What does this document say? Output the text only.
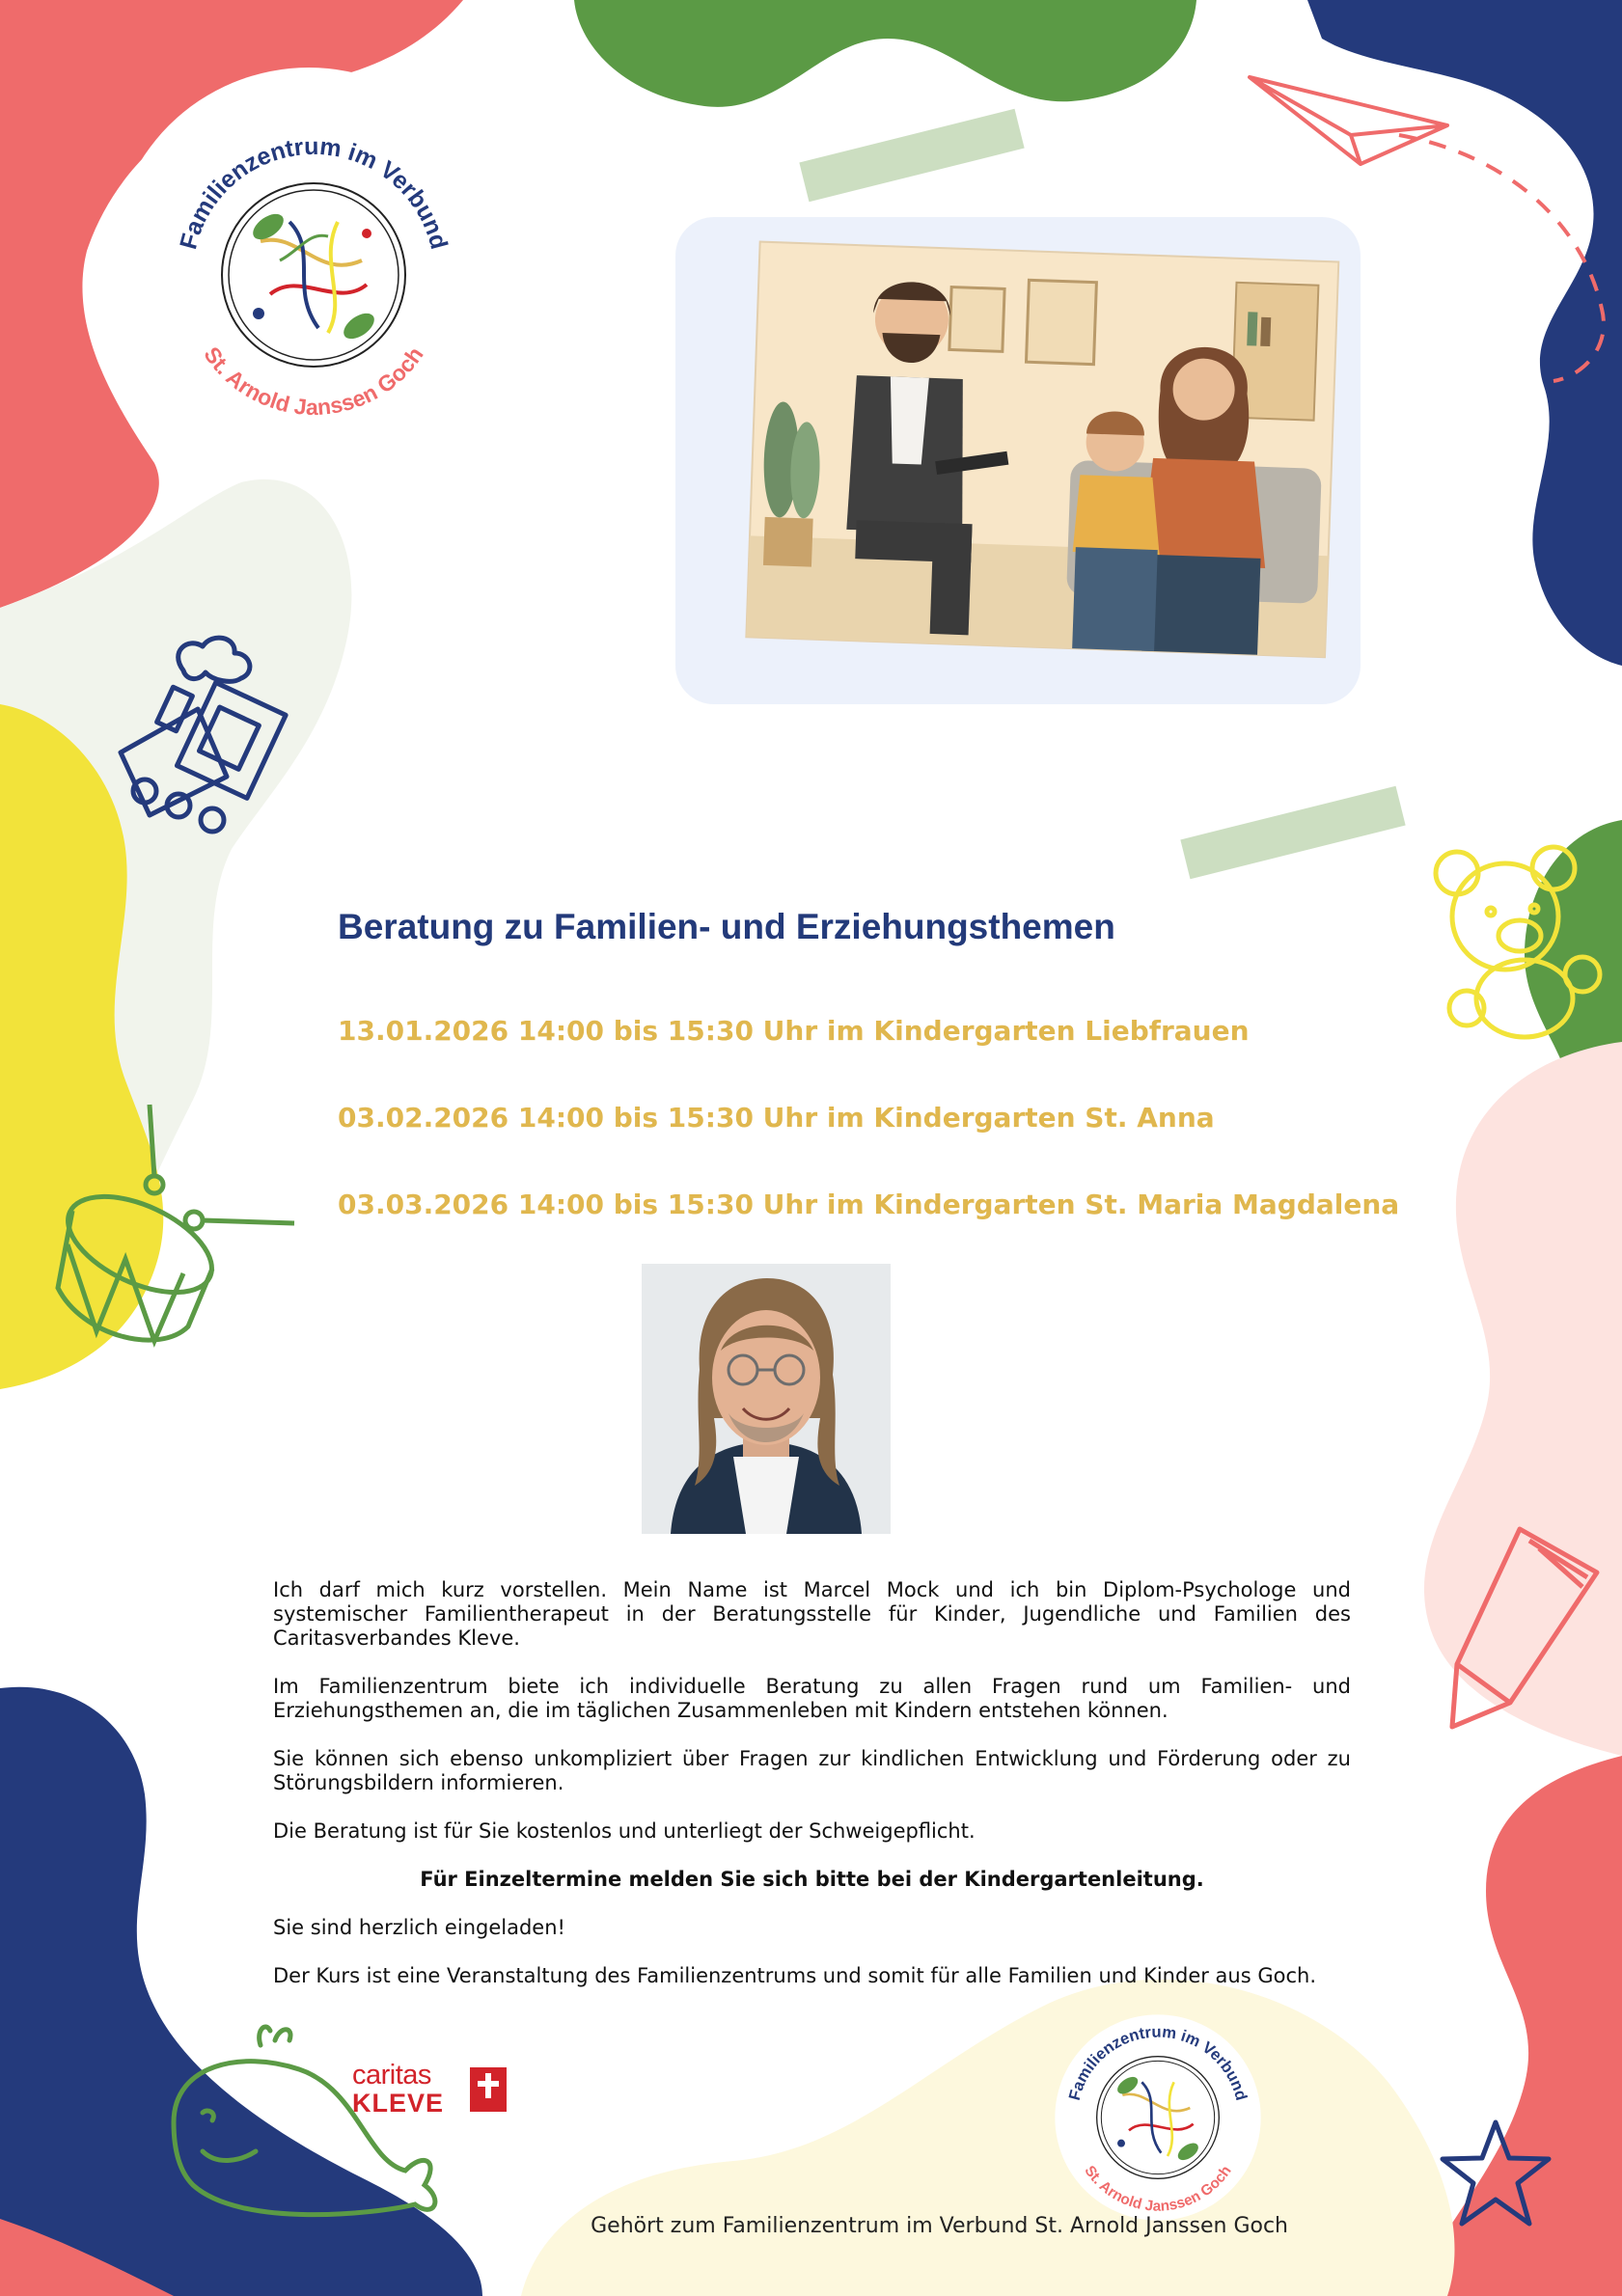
Familienzentrum im Verbund
St. Arnold Janssen Goch
Beratung zu Familien- und Erziehungsthemen
13.01.2026 14:00 bis 15:30 Uhr im Kindergarten Liebfrauen
03.02.2026 14:00 bis 15:30 Uhr im Kindergarten St. Anna
03.03.2026 14:00 bis 15:30 Uhr im Kindergarten St. Maria Magdalena

Ich darf mich kurz vorstellen. Mein Name ist Marcel Mock und ich bin Diplom-Psychologe und systemischer Familientherapeut in der Beratungsstelle für Kinder, Jugendliche und Familien des Caritasverbandes Kleve.

Im Familienzentrum biete ich individuelle Beratung zu allen Fragen rund um Familien- und Erziehungsthemen an, die im täglichen Zusammenleben mit Kindern entstehen können.

Sie können sich ebenso unkompliziert über Fragen zur kindlichen Entwicklung und Förderung oder zu Störungsbildern informieren.

Die Beratung ist für Sie kostenlos und unterliegt der Schweigepflicht.

Für Einzeltermine melden Sie sich bitte bei der Kindergartenleitung.

Sie sind herzlich eingeladen!

Der Kurs ist eine Veranstaltung des Familienzentrums und somit für alle Familien und Kinder aus Goch.

caritas
KLEVE	Familienzentrum im Verbund
St. Arnold Janssen Goch
Gehört zum Familienzentrum im Verbund St. Arnold Janssen Goch
